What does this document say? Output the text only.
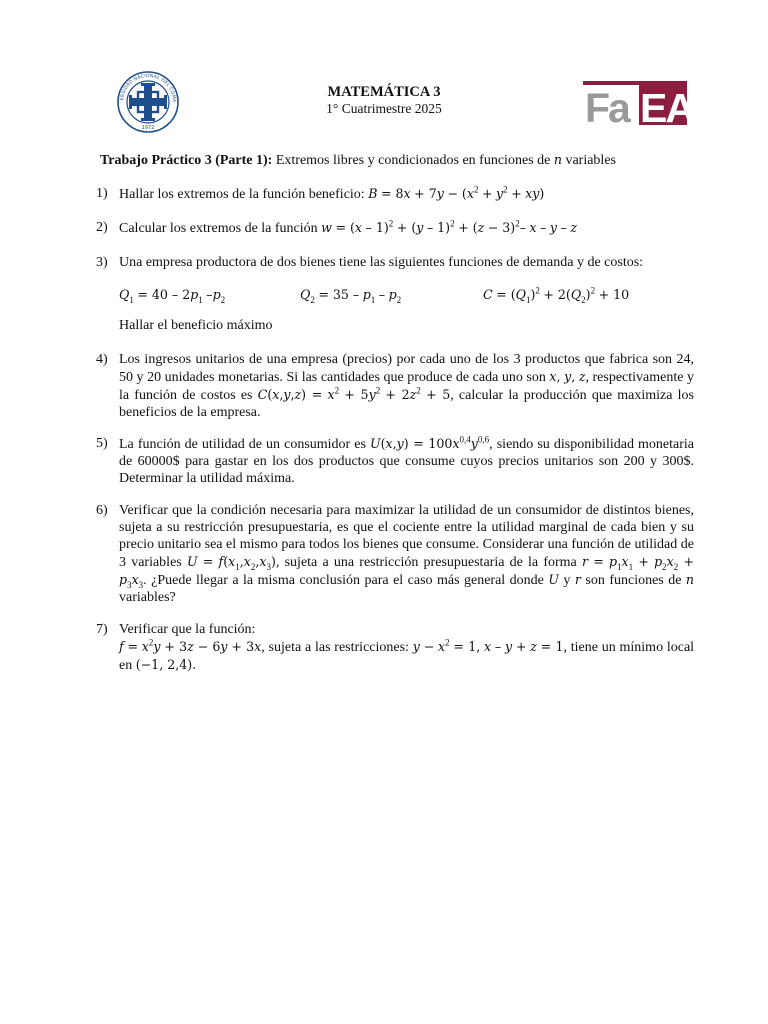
ERSIDAD NACIONAL DEL COMA
1972
MATEMÁTICA 3
1° Cuatrimestre 2025	Fa EA
Trabajo Práctico 3 (Parte 1): Extremos libres y condicionados en funciones de n variables
1) Hallar los extremos de la función beneficio: $B = 8x + 7y - (x^2 + y^2 + xy)$
2) Calcular los extremos de la función $w = (x - 1)^2 + (y - 1)^2 + (z - 3)^2-$ x – y – z
3) Una empresa productora de dos bienes tiene las siguientes funciones de demanda y de costos:
$Q_1 = 40 - 2p_1$ $-p_2$	$Q_2 = 35 - p_1 - p_2$	$C = (Q_1)^2 + 2(Q_2)^2 + 10$
Hallar el beneficio máximo
4) Los ingresos unitarios de una empresa (precios) por cada uno de los 3 productos que fabrica son 24, 50 y 20 unidades monetarias. Si las cantidades que produce de cada uno son x, y, z, respectivamente y la función de costos es $C(x,y,z) = x^2 + 5y^2 + 2z^2 + 5$, calcular la producción que maximiza los beneficios de la empresa.
5) La función de utilidad de un consumidor es $U(x,y) = 100x^{0,4}y^{0,6}$, siendo su disponibilidad monetaria de 60000$ para gastar en los dos productos que consume cuyos precios unitarios son 200 y 300$. Determinar la utilidad máxima.
6) Verificar que la condición necesaria para maximizar la utilidad de un consumidor de distintos bienes, sujeta a su restricción presupuestaria, es que el cociente entre la utilidad marginal de cada bien y su precio unitario sea el mismo para todos los bienes que consume. Considerar una función de utilidad de 3 variables $U = f(x_1,x_2,x_3)$, sujeta a una restricción presupuestaria de la forma $r = p_1x_1 + p_2x_2 + p_3x_3$. ¿Puede llegar a la misma conclusión para el caso más general donde U y r son funciones de n variables?
7) Verificar que la función:
$f = x^2y + 3z - 6y + 3x$, sujeta a las restricciones: $y - x^2 = 1$, x – y + z = 1, tiene un mínimo local en (−1, 2,4).
